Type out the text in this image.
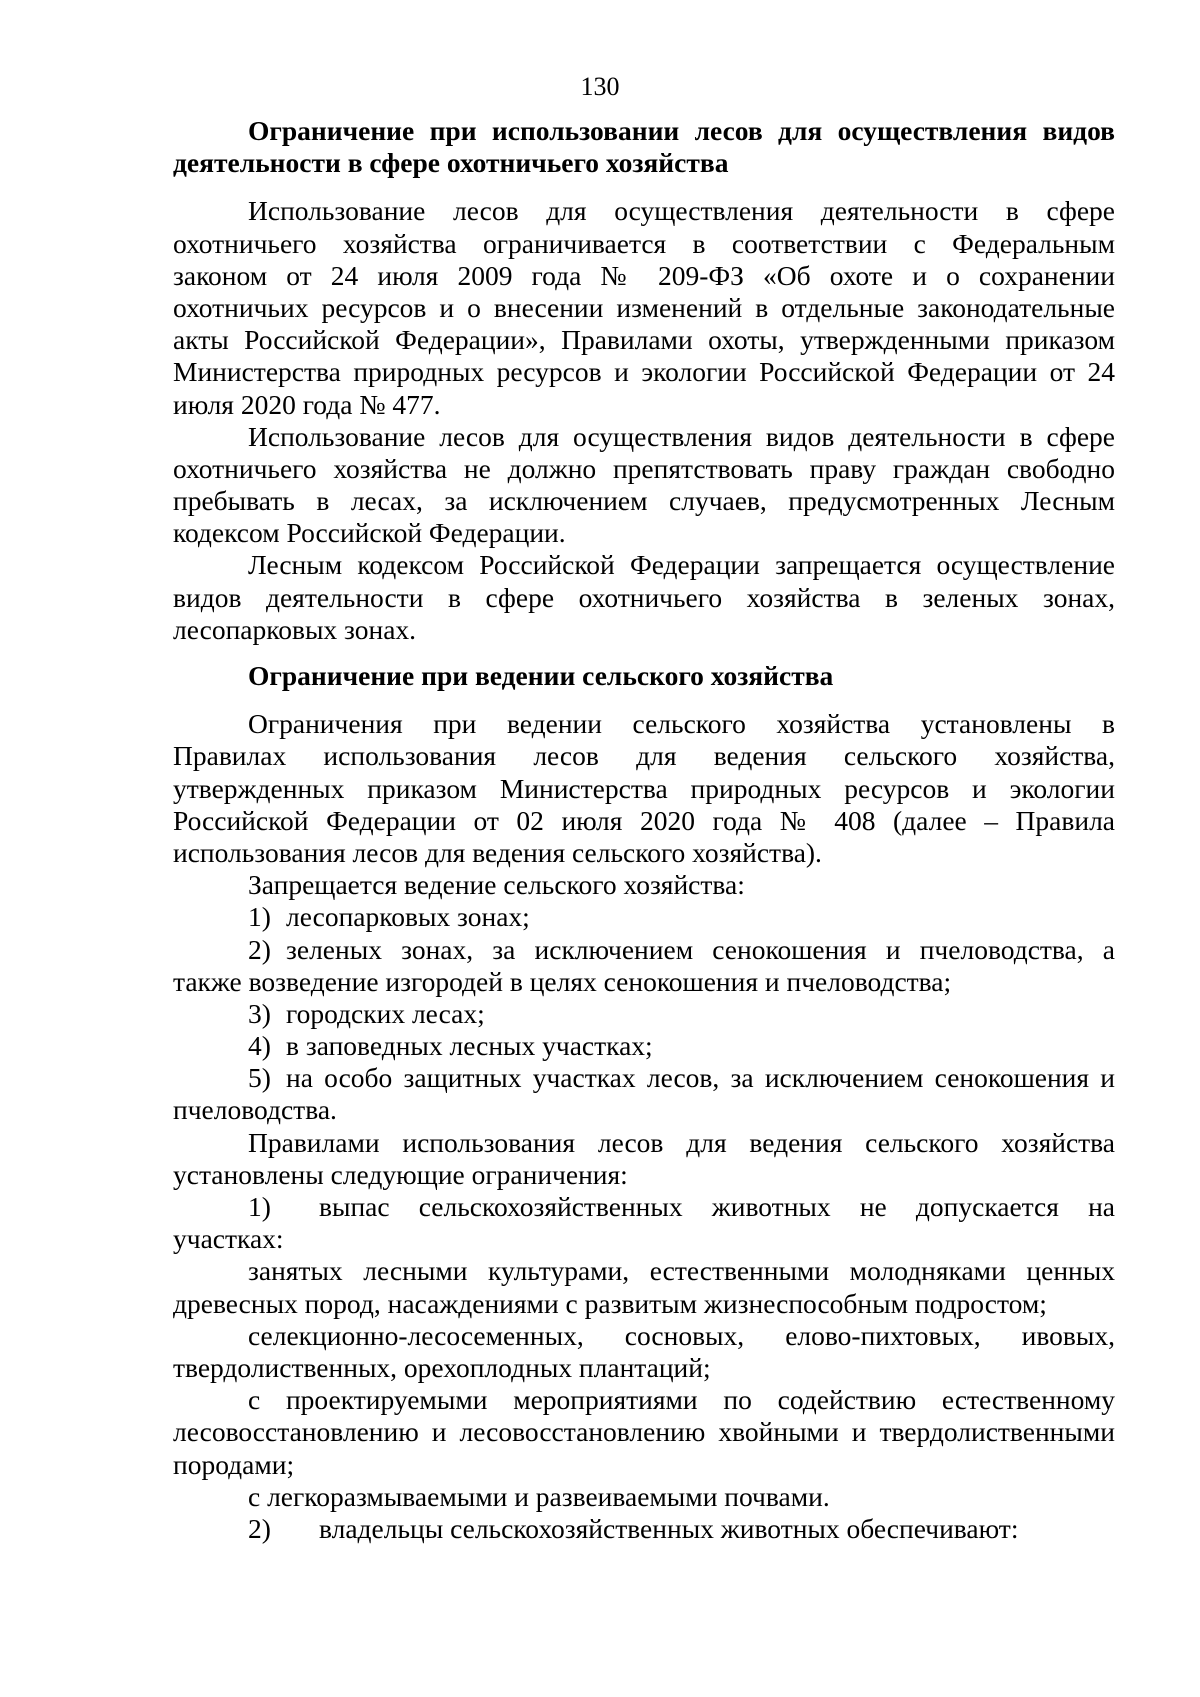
130
Ограничение при использовании лесов для осуществления видов
деятельности в сфере охотничьего хозяйства
Использование лесов для осуществления деятельности в сфере
охотничьего хозяйства ограничивается в соответствии с Федеральным
законом от 24 июля 2009 года № 209-ФЗ «Об охоте и о сохранении
охотничьих ресурсов и о внесении изменений в отдельные законодательные
акты Российской Федерации», Правилами охоты, утвержденными приказом
Министерства природных ресурсов и экологии Российской Федерации от 24
июля 2020 года № 477.
Использование лесов для осуществления видов деятельности в сфере
охотничьего хозяйства не должно препятствовать праву граждан свободно
пребывать в лесах, за исключением случаев, предусмотренных Лесным
кодексом Российской Федерации.
Лесным кодексом Российской Федерации запрещается осуществление
видов деятельности в сфере охотничьего хозяйства в зеленых зонах,
лесопарковых зонах.
Ограничение при ведении сельского хозяйства
Ограничения при ведении сельского хозяйства установлены в
Правилах использования лесов для ведения сельского хозяйства,
утвержденных приказом Министерства природных ресурсов и экологии
Российской Федерации от 02 июля 2020 года № 408 (далее – Правила
использования лесов для ведения сельского хозяйства).
Запрещается ведение сельского хозяйства:
1) лесопарковых зонах;
2) зеленых зонах, за исключением сенокошения и пчеловодства, а
также возведение изгородей в целях сенокошения и пчеловодства;
3) городских лесах;
4) в заповедных лесных участках;
5) на особо защитных участках лесов, за исключением сенокошения и
пчеловодства.
Правилами использования лесов для ведения сельского хозяйства
установлены следующие ограничения:
1)	выпас сельскохозяйственных животных не допускается на
участках:
занятых лесными культурами, естественными молодняками ценных
древесных пород, насаждениями с развитым жизнеспособным подростом;
селекционно-лесосеменных, сосновых, елово-пихтовых, ивовых,
твердолиственных, орехоплодных плантаций;
с проектируемыми мероприятиями по содействию естественному
лесовосстановлению и лесовосстановлению хвойными и твердолиственными
породами;
с легкоразмываемыми и развеиваемыми почвами.
2)	владельцы сельскохозяйственных животных обеспечивают:
